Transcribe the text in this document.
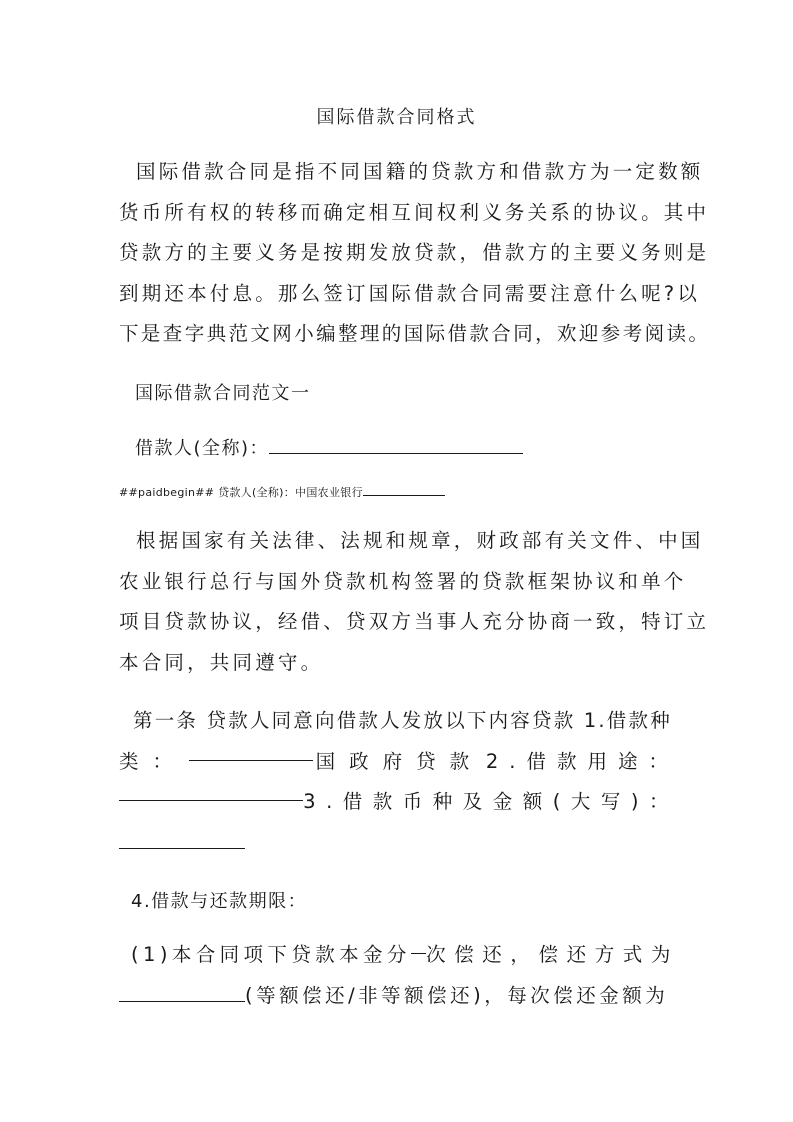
国际借款合同格式
国际借款合同是指不同国籍的贷款方和借款方为一定数额
货币所有权的转移而确定相互间权利义务关系的协议。其中
贷款方的主要义务是按期发放贷款，借款方的主要义务则是
到期还本付息。那么签订国际借款合同需要注意什么呢?以
下是查字典范文网小编整理的国际借款合同，欢迎参考阅读。
国际借款合同范文一
借款人(全称)：
##paidbegin## 贷款人(全称)：中国农业银行
根据国家有关法律、法规和规章，财政部有关文件、中国
农业银行总行与国外贷款机构签署的贷款框架协议和单个
项目贷款协议，经借、贷双方当事人充分协商一致，特订立
本合同，共同遵守。
第一条 贷款人同意向借款人发放以下内容贷款 1.借款种
类：	国政府贷款 2.借款用途：
3.借款币种及金额(大写)：
4.借款与还款期限：
(1)本合同项下贷款本金分 次偿还，偿还方式为
(等额偿还/非等额偿还)，每次偿还金额为
